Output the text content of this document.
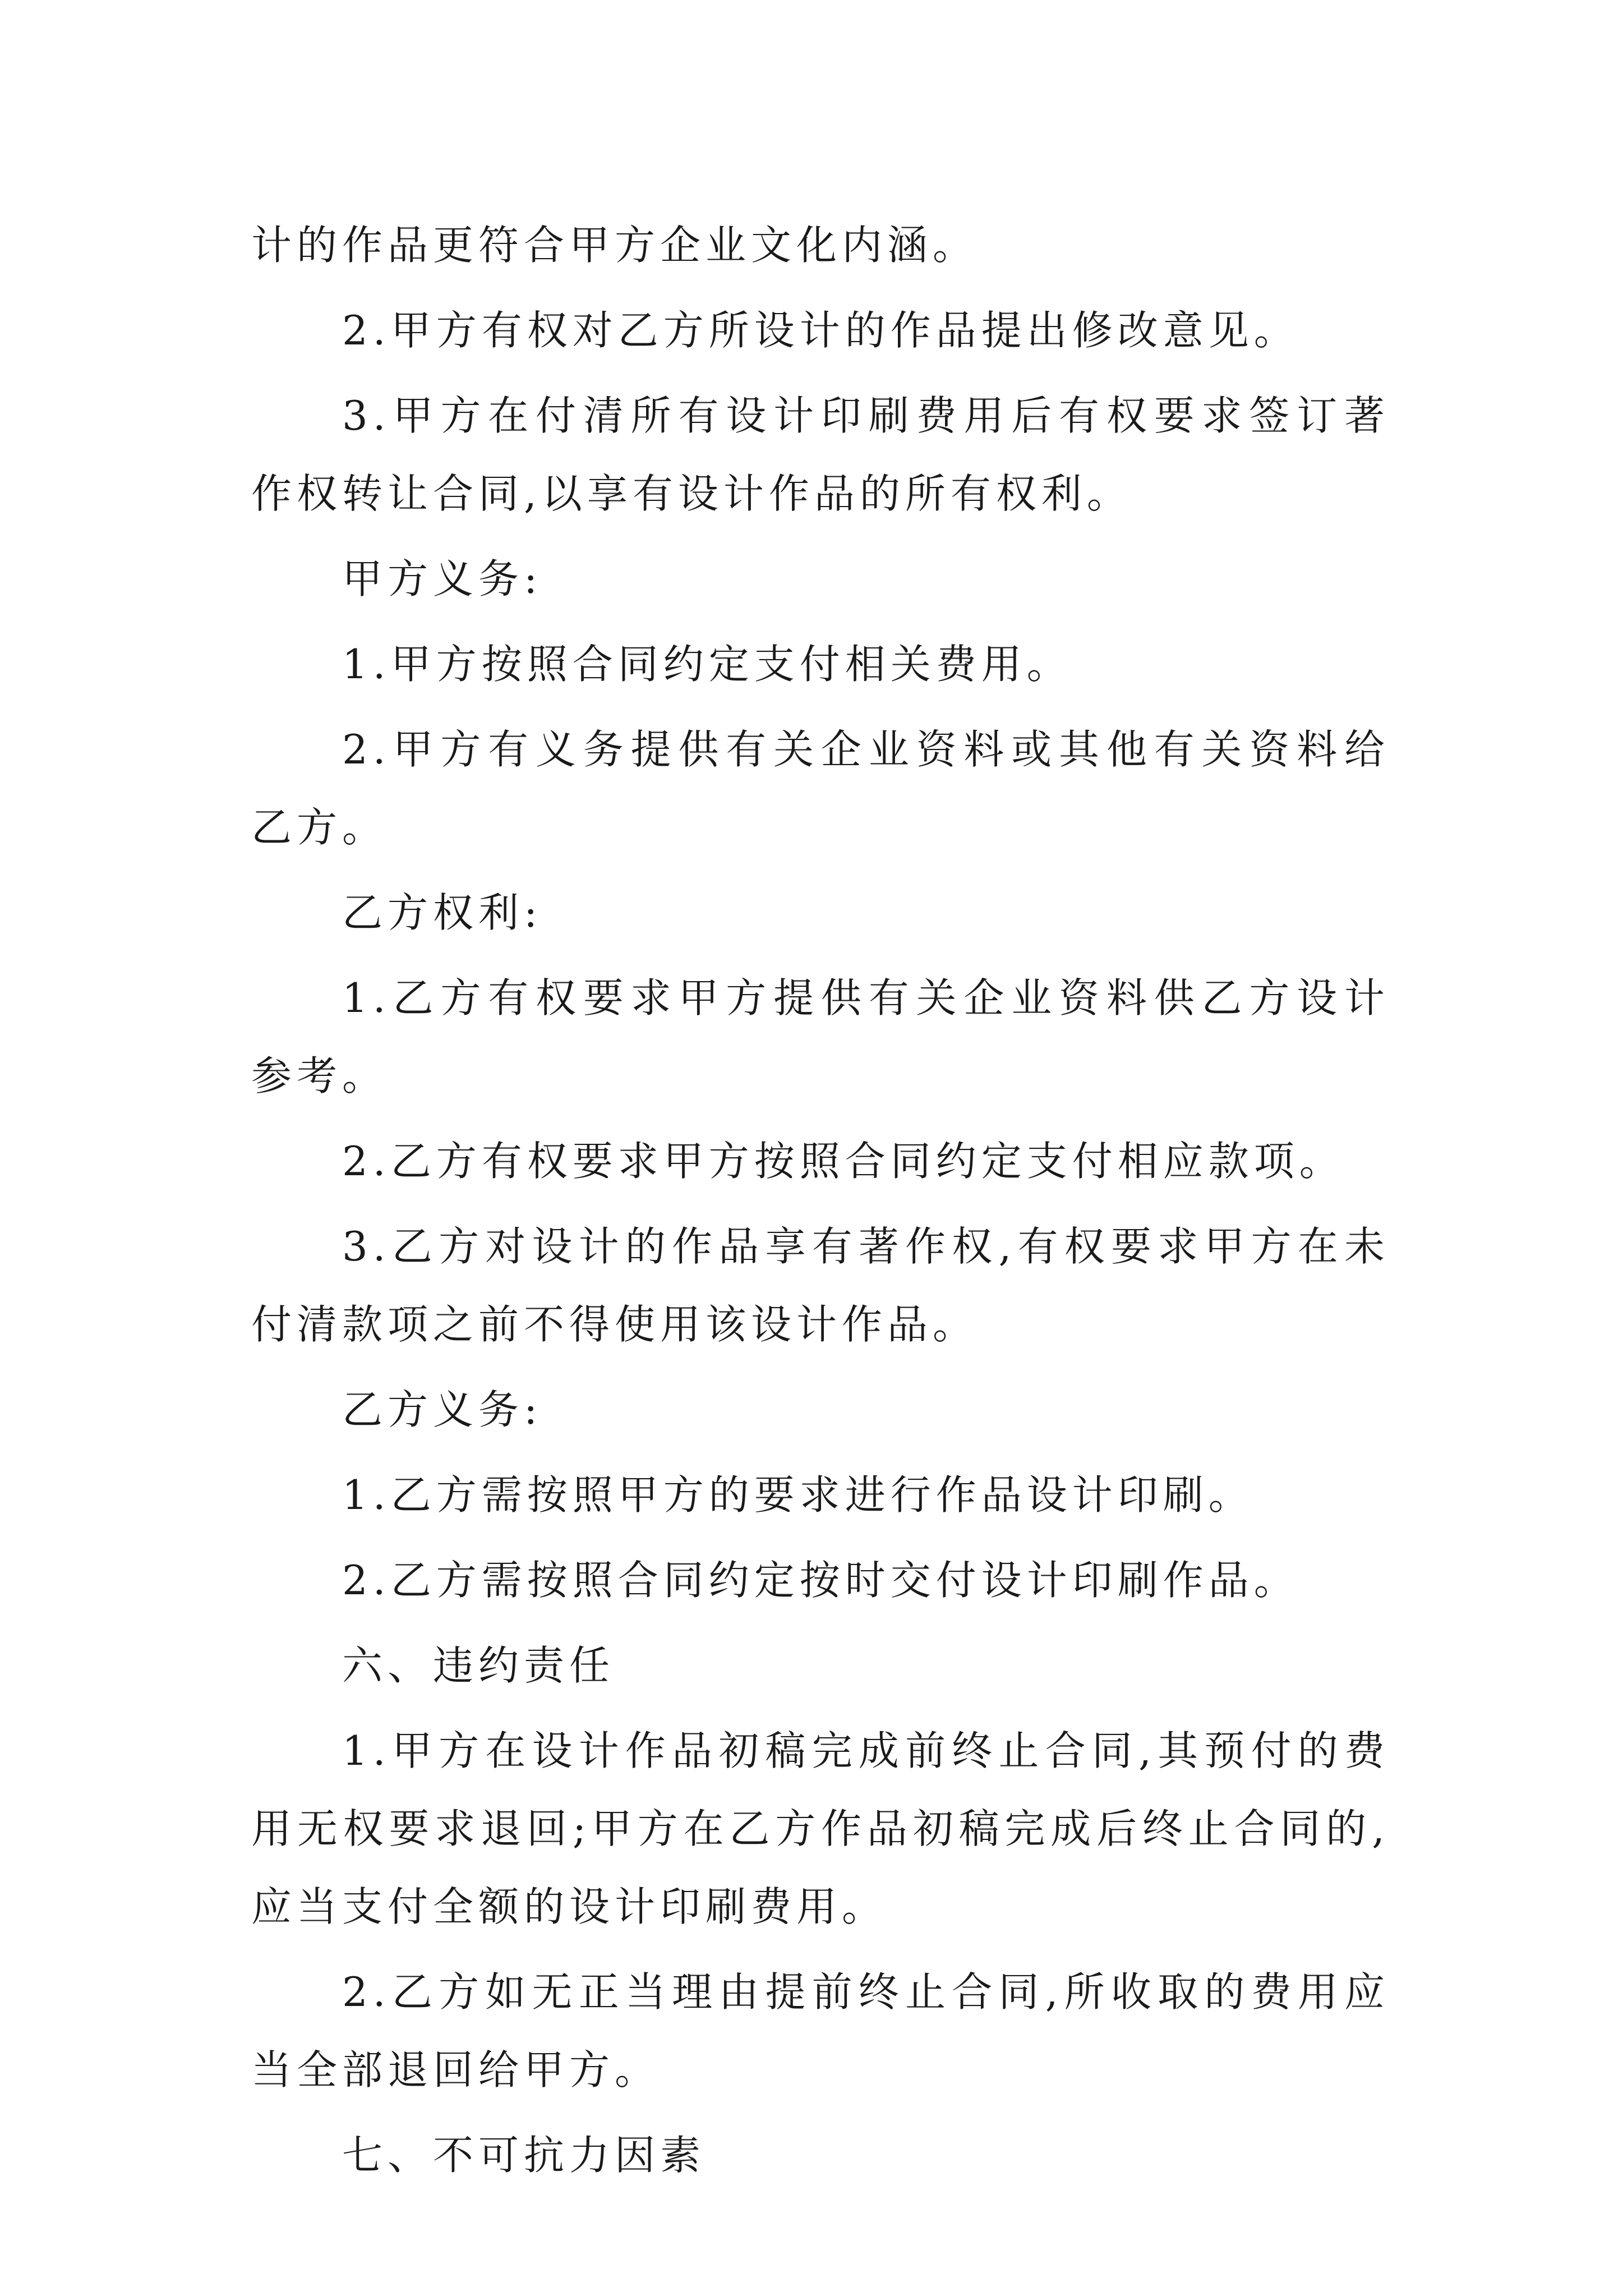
计的作品更符合甲方企业文化内涵。

2.甲方有权对乙方所设计的作品提出修改意见。

3.甲方在付清所有设计印刷费用后有权要求签订著作权转让合同,以享有设计作品的所有权利。

甲方义务:

1.甲方按照合同约定支付相关费用。

2.甲方有义务提供有关企业资料或其他有关资料给乙方。

乙方权利:

1.乙方有权要求甲方提供有关企业资料供乙方设计参考。

2.乙方有权要求甲方按照合同约定支付相应款项。

3.乙方对设计的作品享有著作权,有权要求甲方在未付清款项之前不得使用该设计作品。

乙方义务:

1.乙方需按照甲方的要求进行作品设计印刷。

2.乙方需按照合同约定按时交付设计印刷作品。

六、违约责任

1.甲方在设计作品初稿完成前终止合同,其预付的费用无权要求退回;甲方在乙方作品初稿完成后终止合同的,应当支付全额的设计印刷费用。

2.乙方如无正当理由提前终止合同,所收取的费用应当全部退回给甲方。

七、不可抗力因素
